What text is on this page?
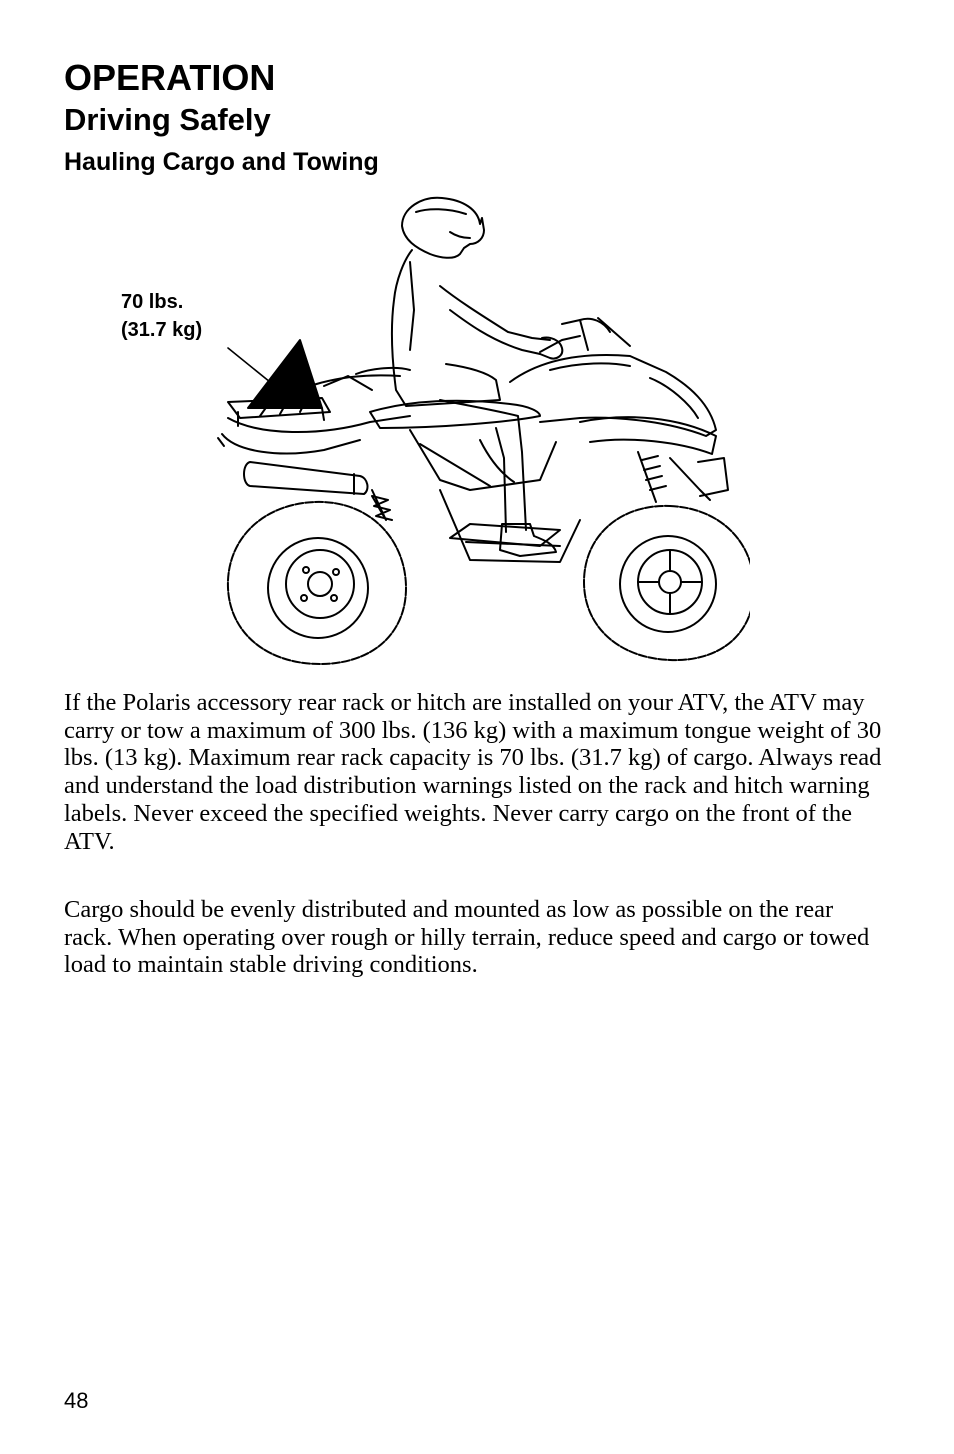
OPERATION
Driving Safely
Hauling Cargo and Towing
70 lbs.
(31.7 kg)

If the Polaris accessory rear rack or hitch are installed on your ATV, the ATV may carry or tow a maximum of 300 lbs. (136 kg) with a maximum tongue weight of 30 lbs. (13 kg). Maximum rear rack capacity is 70 lbs. (31.7 kg) of cargo. Always read and understand the load distribution warnings listed on the rack and hitch warning labels. Never exceed the specified weights. Never carry cargo on the front of the ATV.

Cargo should be evenly distributed and mounted as low as possible on the rear rack. When operating over rough or hilly terrain, reduce speed and cargo or towed load to maintain stable driving conditions.

48
